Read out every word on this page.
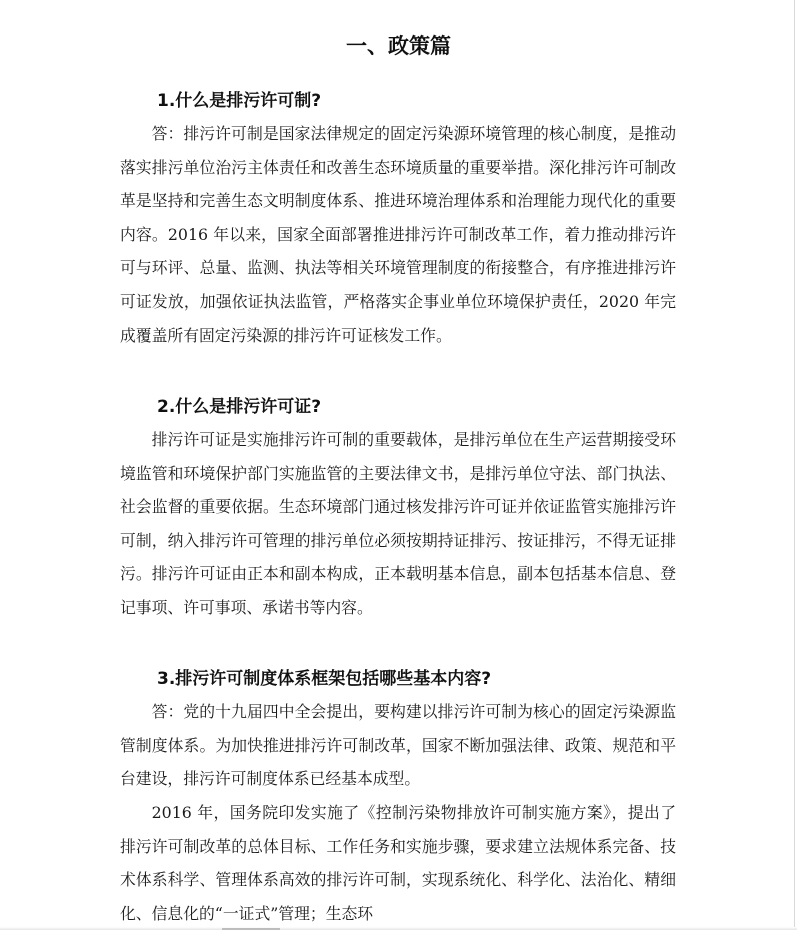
一、政策篇
1.什么是排污许可制?

答：排污许可制是国家法律规定的固定污染源环境管理的核心制度，是推动落实排污单位治污主体责任和改善生态环境质量的重要举措。深化排污许可制改革是坚持和完善生态文明制度体系、推进环境治理体系和治理能力现代化的重要内容。2016 年以来，国家全面部署推进排污许可制改革工作，着力推动排污许可与环评、总量、监测、执法等相关环境管理制度的衔接整合，有序推进排污许可证发放，加强依证执法监管，严格落实企事业单位环境保护责任，2020 年完成覆盖所有固定污染源的排污许可证核发工作。

2.什么是排污许可证?

排污许可证是实施排污许可制的重要载体，是排污单位在生产运营期接受环境监管和环境保护部门实施监管的主要法律文书，是排污单位守法、部门执法、社会监督的重要依据。生态环境部门通过核发排污许可证并依证监管实施排污许可制，纳入排污许可管理的排污单位必须按期持证排污、按证排污，不得无证排污。排污许可证由正本和副本构成，正本载明基本信息，副本包括基本信息、登记事项、许可事项、承诺书等内容。

3.排污许可制度体系框架包括哪些基本内容?

答：党的十九届四中全会提出，要构建以排污许可制为核心的固定污染源监管制度体系。为加快推进排污许可制改革，国家不断加强法律、政策、规范和平台建设，排污许可制度体系已经基本成型。

2016 年，国务院印发实施了《控制污染物排放许可制实施方案》，提出了排污许可制改革的总体目标、工作任务和实施步骤，要求建立法规体系完备、技术体系科学、管理体系高效的排污许可制，实现系统化、科学化、法治化、精细化、信息化的“一证式”管理；生态环
